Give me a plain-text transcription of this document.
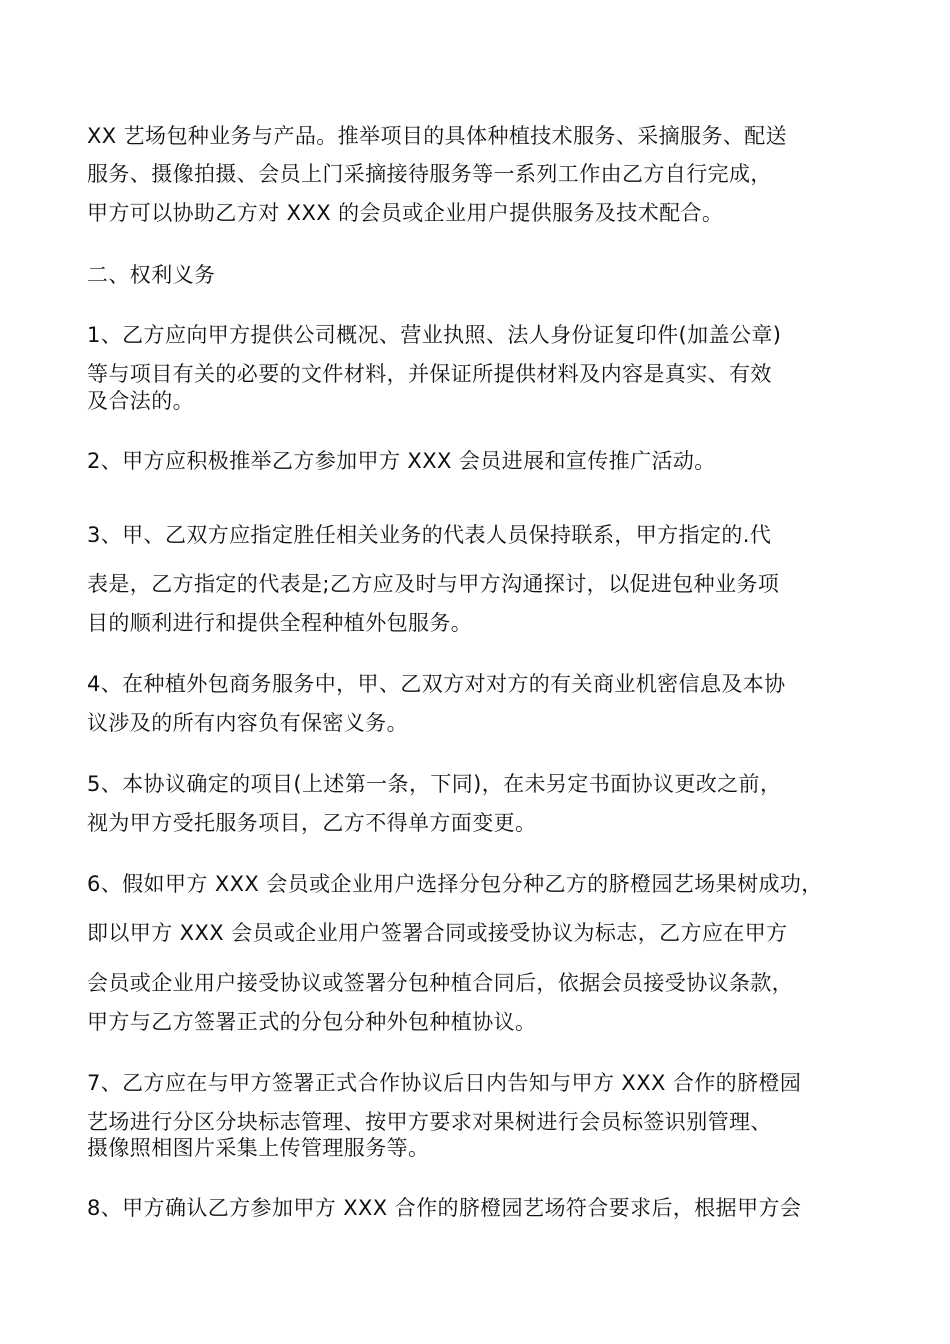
XX 艺场包种业务与产品。推举项目的具体种植技术服务、采摘服务、配送
服务、摄像拍摄、会员上门采摘接待服务等一系列工作由乙方自行完成，
甲方可以协助乙方对 XXX 的会员或企业用户提供服务及技术配合。
二、权利义务
1、乙方应向甲方提供公司概况、营业执照、法人身份证复印件(加盖公章)
等与项目有关的必要的文件材料，并保证所提供材料及内容是真实、有效
及合法的。
2、甲方应积极推举乙方参加甲方 XXX 会员进展和宣传推广活动。
3、甲、乙双方应指定胜任相关业务的代表人员保持联系，甲方指定的.代
表是，乙方指定的代表是;乙方应及时与甲方沟通探讨，以促进包种业务项
目的顺利进行和提供全程种植外包服务。
4、在种植外包商务服务中，甲、乙双方对对方的有关商业机密信息及本协
议涉及的所有内容负有保密义务。
5、本协议确定的项目(上述第一条，下同)，在未另定书面协议更改之前，
视为甲方受托服务项目，乙方不得单方面变更。
6、假如甲方 XXX 会员或企业用户选择分包分种乙方的脐橙园艺场果树成功，
即以甲方 XXX 会员或企业用户签署合同或接受协议为标志，乙方应在甲方
会员或企业用户接受协议或签署分包种植合同后，依据会员接受协议条款，
甲方与乙方签署正式的分包分种外包种植协议。
7、乙方应在与甲方签署正式合作协议后日内告知与甲方 XXX 合作的脐橙园
艺场进行分区分块标志管理、按甲方要求对果树进行会员标签识别管理、
摄像照相图片采集上传管理服务等。
8、甲方确认乙方参加甲方 XXX 合作的脐橙园艺场符合要求后，根据甲方会
